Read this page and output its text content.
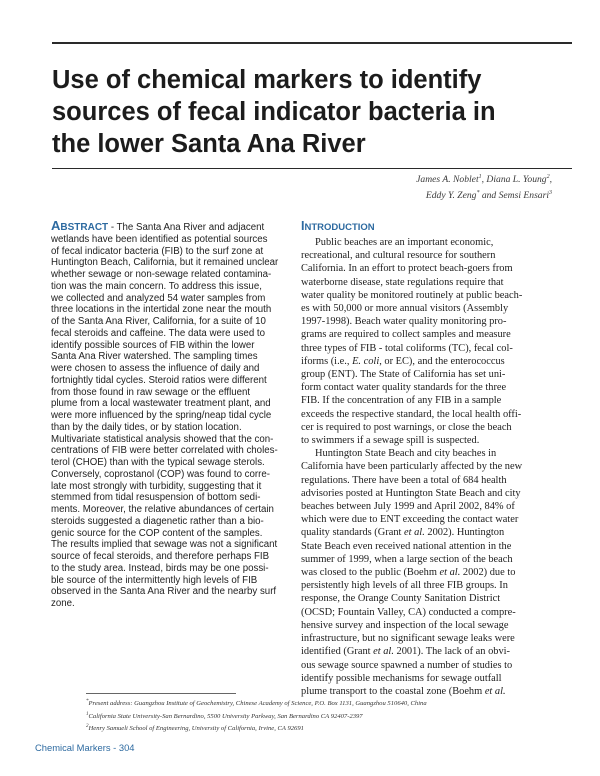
Use of chemical markers to identify
sources of fecal indicator bacteria in
the lower Santa Ana River
James A. Noblet$^1$, Diana L. Young$^2$,
Eddy Y. Zeng* and Semsi Ensari$^3$
ABSTRACT - The Santa Ana River and adjacent
wetlands have been identified as potential sources
of fecal indicator bacteria (FIB) to the surf zone at
Huntington Beach, California, but it remained unclear
whether sewage or non-sewage related contamina-
tion was the main concern. To address this issue,
we collected and analyzed 54 water samples from
three locations in the intertidal zone near the mouth
of the Santa Ana River, California, for a suite of 10
fecal steroids and caffeine. The data were used to
identify possible sources of FIB within the lower
Santa Ana River watershed. The sampling times
were chosen to assess the influence of daily and
fortnightly tidal cycles. Steroid ratios were different
from those found in raw sewage or the effluent
plume from a local wastewater treatment plant, and
were more influenced by the spring/neap tidal cycle
than by the daily tides, or by station location.
Multivariate statistical analysis showed that the con-
centrations of FIB were better correlated with choles-
terol (CHOE) than with the typical sewage sterols.
Conversely, coprostanol (COP) was found to corre-
late most strongly with turbidity, suggesting that it
stemmed from tidal resuspension of bottom sedi-
ments. Moreover, the relative abundances of certain
steroids suggested a diagenetic rather than a bio-
genic source for the COP content of the samples.
The results implied that sewage was not a significant
source of fecal steroids, and therefore perhaps FIB
to the study area. Instead, birds may be one possi-
ble source of the intermittently high levels of FIB
observed in the Santa Ana River and the nearby surf
zone.
INTRODUCTION
Public beaches are an important economic,
recreational, and cultural resource for southern
California. In an effort to protect beach-goers from
waterborne disease, state regulations require that
water quality be monitored routinely at public beach-
es with 50,000 or more annual visitors (Assembly
1997-1998). Beach water quality monitoring pro-
grams are required to collect samples and measure
three types of FIB - total coliforms (TC), fecal col-
iforms (i.e., E. coli, or EC), and the enterococcus
group (ENT). The State of California has set uni-
form contact water quality standards for the three
FIB. If the concentration of any FIB in a sample
exceeds the respective standard, the local health offi-
cer is required to post warnings, or close the beach
to swimmers if a sewage spill is suspected.
Huntington State Beach and city beaches in
California have been particularly affected by the new
regulations. There have been a total of 684 health
advisories posted at Huntington State Beach and city
beaches between July 1999 and April 2002, 84% of
which were due to ENT exceeding the contact water
quality standards (Grant et al. 2002). Huntington
State Beach even received national attention in the
summer of 1999, when a large section of the beach
was closed to the public (Boehm et al. 2002) due to
persistently high levels of all three FIB groups. In
response, the Orange County Sanitation District
(OCSD; Fountain Valley, CA) conducted a compre-
hensive survey and inspection of the local sewage
infrastructure, but no significant sewage leaks were
identified (Grant et al. 2001). The lack of an obvi-
ous sewage source spawned a number of studies to
identify possible mechanisms for sewage outfall
plume transport to the coastal zone (Boehm et al.
*Present address: Guangzhou Institute of Geochemistry, Chinese Academy of Science, P.O. Box 1131, Guangzhou 510640, China
$^1$California State University-San Bernardino, 5500 University Parkway, San Bernardino CA 92407-2397
$^2$Henry Samueli School of Engineering, University of California, Irvine, CA 92691
Chemical Markers - 304
